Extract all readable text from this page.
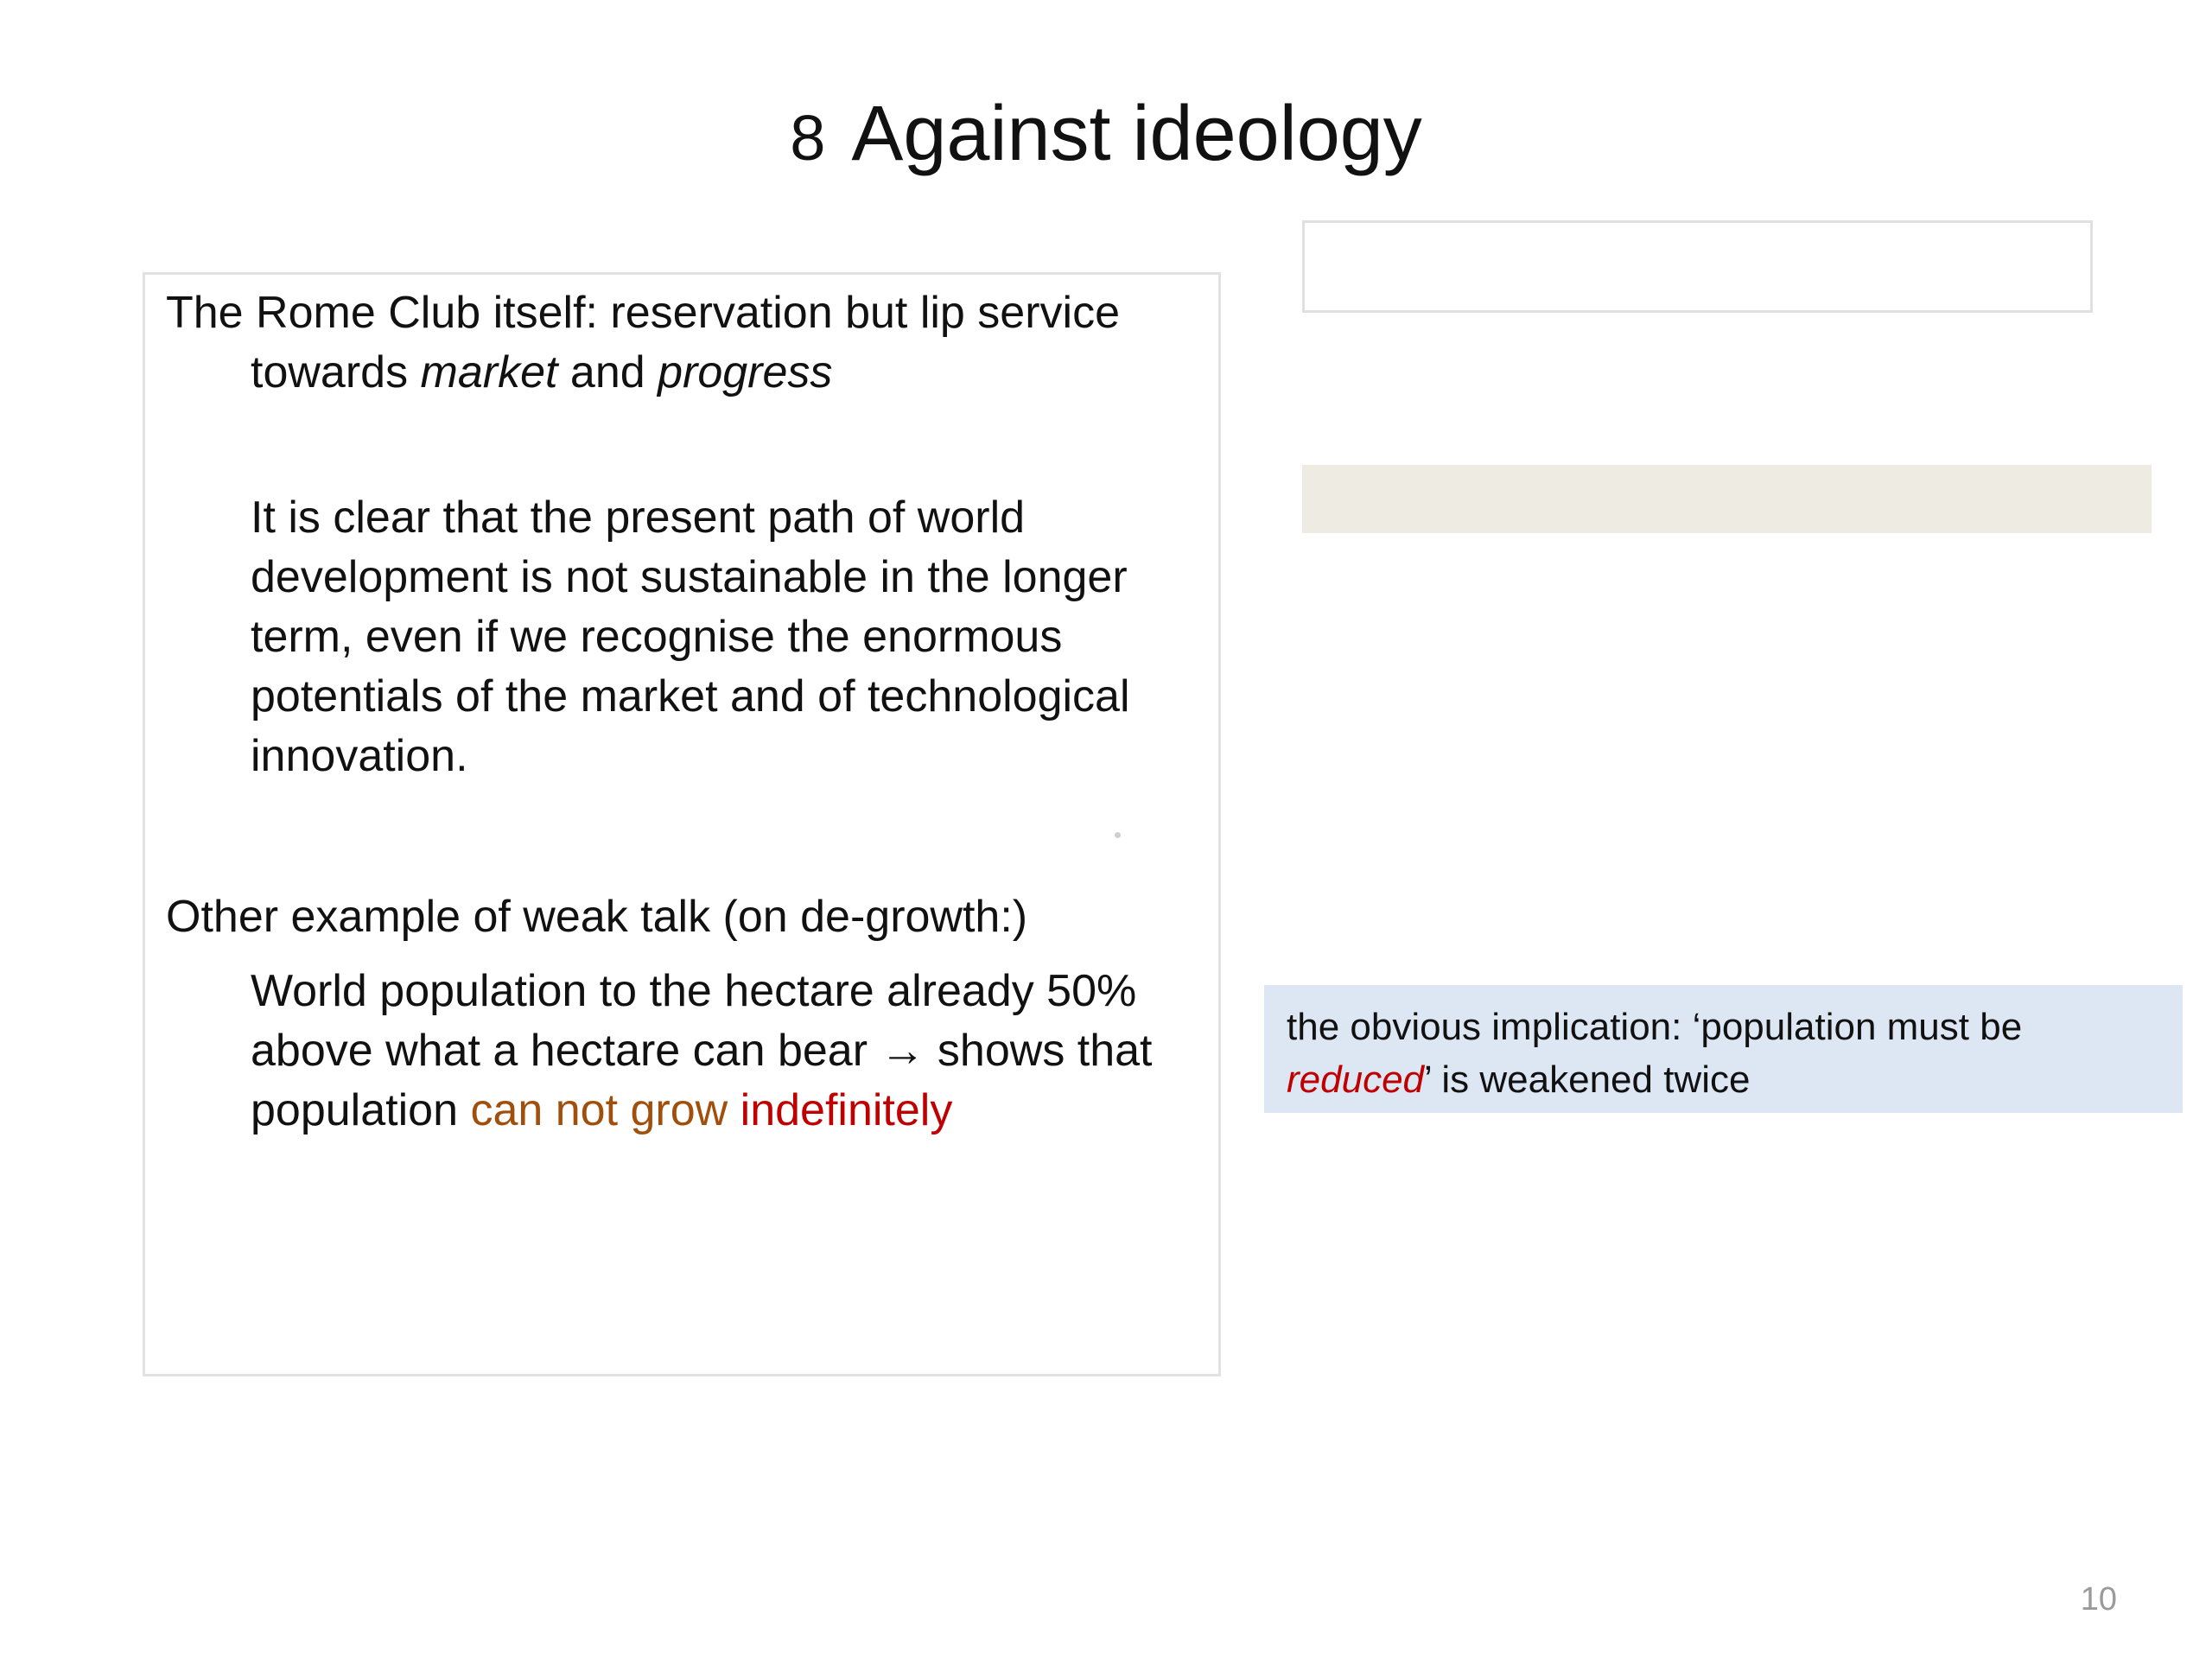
8 Against ideology

The Rome Club itself: reservation but lip service
towards market and progress

It is clear that the present path of world development is not sustainable in the longer term, even if we recognise the enormous potentials of the market and of technological innovation.

Other example of weak talk (on de-growth:)

World population to the hectare already 50% above what a hectare can bear → shows that population can not grow indefinitely

the obvious implication: ‘population must be reduced’ is weakened twice
10
